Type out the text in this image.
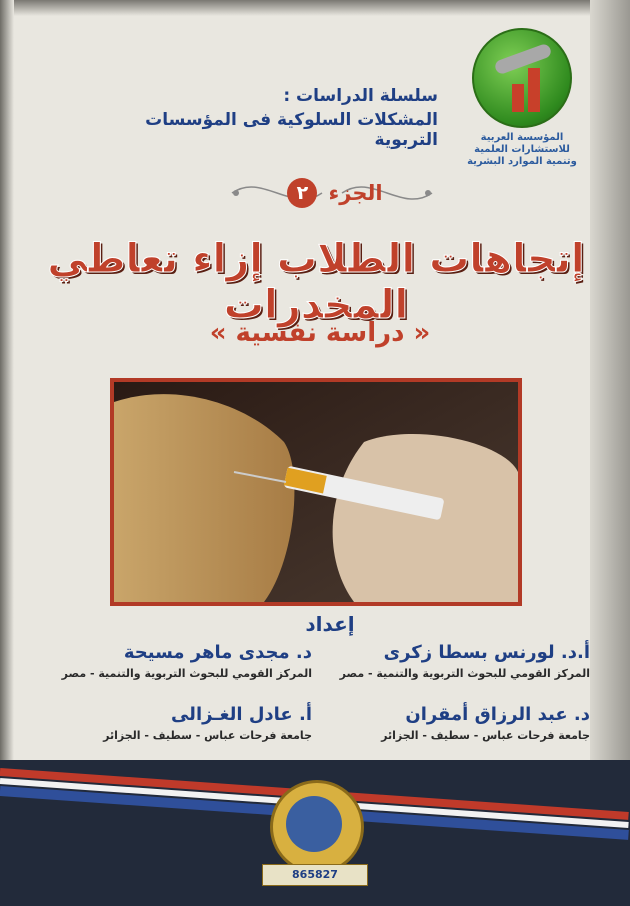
المؤسسة العربية للاستشارات العلمية وتنمية الموارد البشرية
سلسلة الدراسات :
المشكلات السلوكية فى المؤسسات التربوية
الجزء ٢
إتجاهات الطلاب إزاء تعاطي المخدرات
« دراسة نفسية »
إعداد
أ.د. لورنس بسطا زكرى
المركز القومي للبحوث التربوية والتنمية - مصر
د. مجدى ماهر مسيحة
المركز القومي للبحوث التربوية والتنمية - مصر
د. عبد الرزاق أمقران
جامعة فرحات عباس - سطيف - الجزائر
أ. عادل الغـزالى
جامعة فرحات عباس - سطيف - الجزائر
865827
